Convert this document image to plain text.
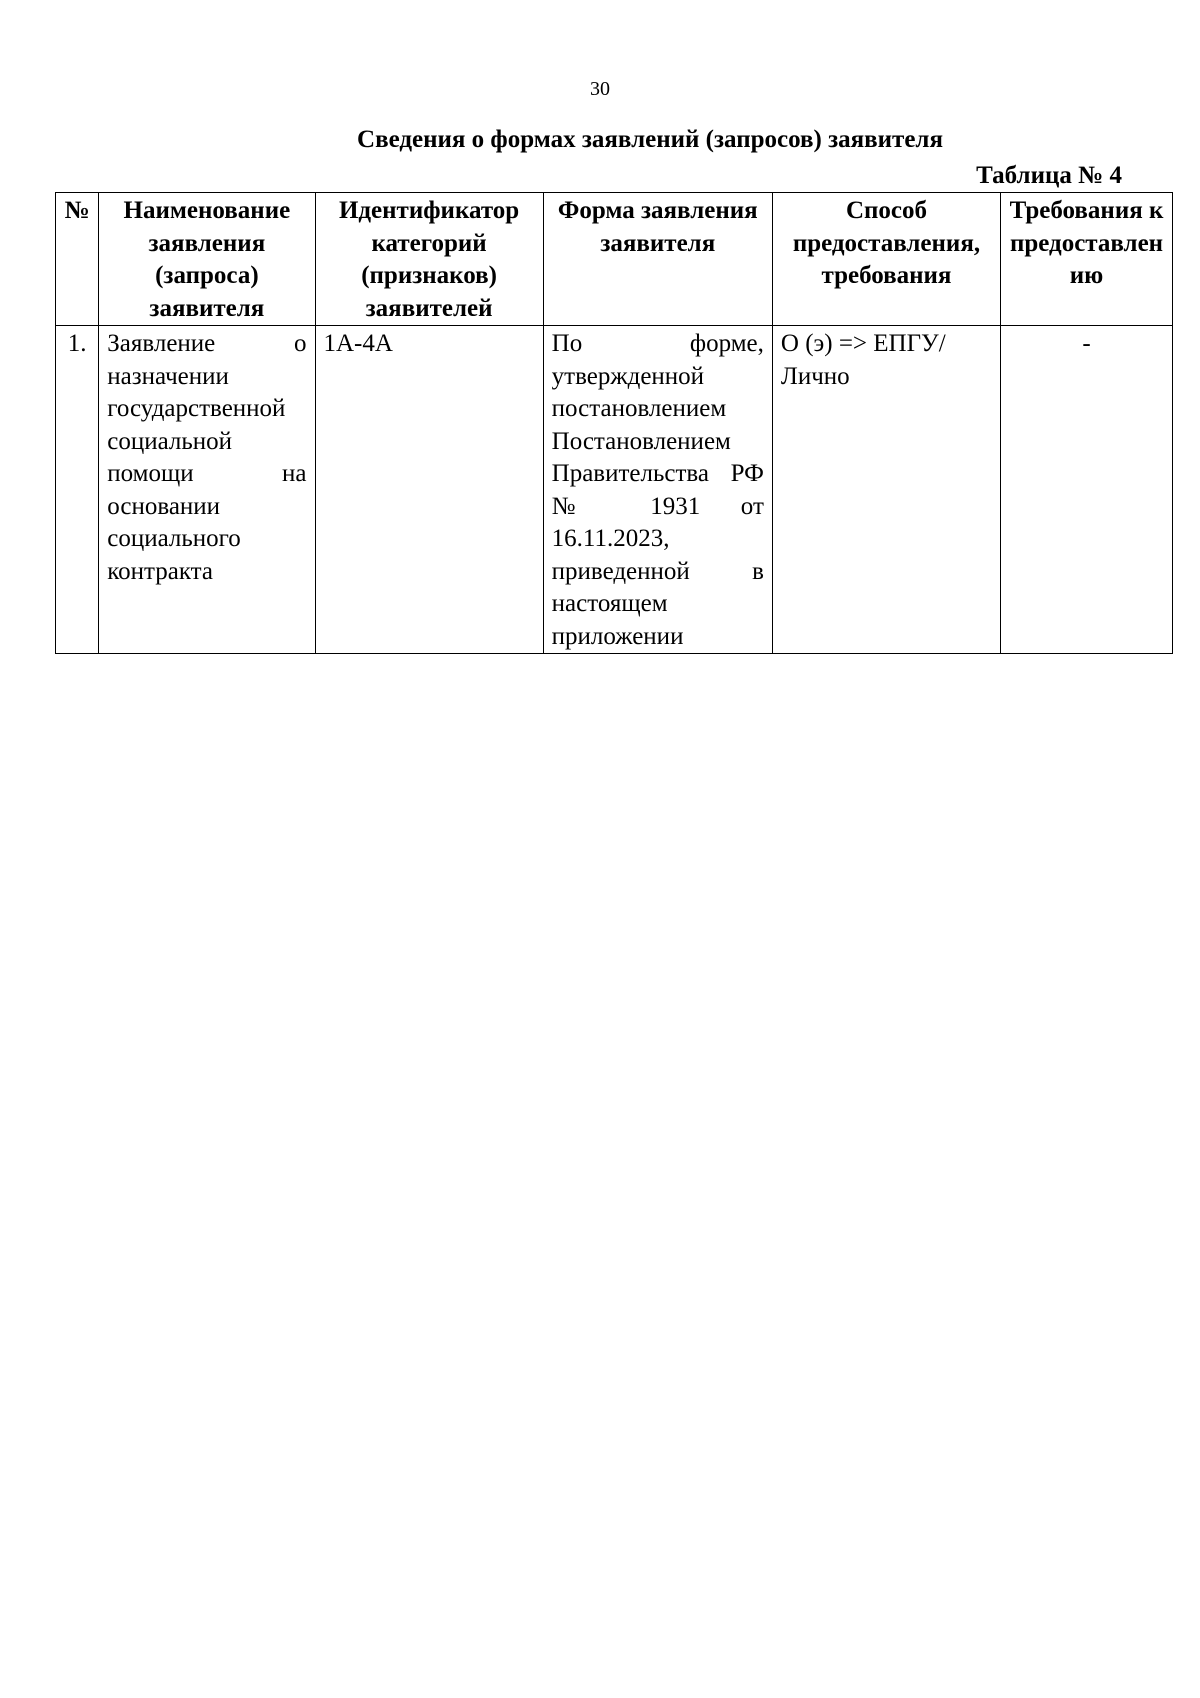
30
Сведения о формах заявлений (запросов) заявителя
Таблица № 4
№	Наименование заявления (запроса) заявителя	Идентификатор категорий (признаков) заявителей	Форма заявления заявителя	Способ предоставления, требования	Требования к предоставлению
1.	Заявление о назначении государственной социальной помощи на основании социального контракта	1А-4А	По форме, утвержденной постановлением Постановлением Правительства РФ № 1931 от 16.11.2023, приведенной в настоящем приложении	О (э) => ЕПГУ/Лично	-
